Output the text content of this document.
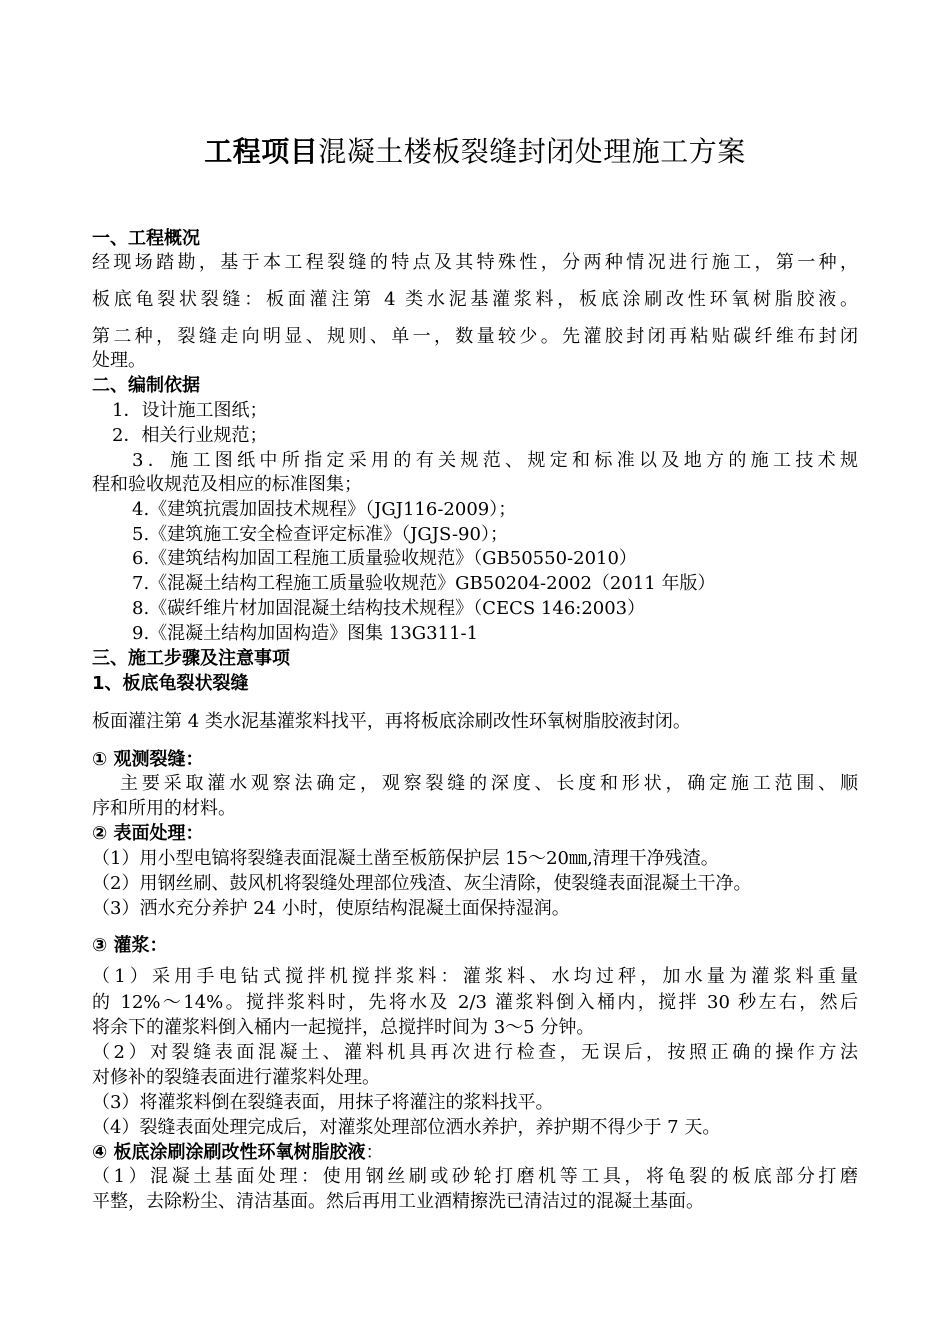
工程项目混凝土楼板裂缝封闭处理施工方案
一、工程概况
经现场踏勘，基于本工程裂缝的特点及其特殊性，分两种情况进行施工，第一种，
板底龟裂状裂缝：板面灌注第 4 类水泥基灌浆料，板底涂刷改性环氧树脂胶液。
第二种，裂缝走向明显、规则、单一，数量较少。先灌胶封闭再粘贴碳纤维布封闭
处理。
二、编制依据
1．设计施工图纸；
2．相关行业规范；
3．施工图纸中所指定采用的有关规范、规定和标准以及地方的施工技术规
程和验收规范及相应的标准图集；
4.《建筑抗震加固技术规程》（JGJ116-2009）；
5.《建筑施工安全检查评定标准》（JGJS-90）；
6.《建筑结构加固工程施工质量验收规范》（GB50550-2010）
7.《混凝土结构工程施工质量验收规范》GB50204-2002（2011 年版）
8.《碳纤维片材加固混凝土结构技术规程》（CECS 146:2003）
9.《混凝土结构加固构造》图集 13G311-1
三、施工步骤及注意事项
1、板底龟裂状裂缝
板面灌注第 4 类水泥基灌浆料找平，再将板底涂刷改性环氧树脂胶液封闭。
① 观测裂缝：
主要采取灌水观察法确定，观察裂缝的深度、长度和形状，确定施工范围、顺
序和所用的材料。
② 表面处理：
（1）用小型电镐将裂缝表面混凝土凿至板筋保护层 15～20㎜,清理干净残渣。
（2）用钢丝刷、鼓风机将裂缝处理部位残渣、灰尘清除，使裂缝表面混凝土干净。
（3）洒水充分养护 24 小时，使原结构混凝土面保持湿润。
③ 灌浆：
（1）采用手电钻式搅拌机搅拌浆料：灌浆料、水均过秤，加水量为灌浆料重量
的 12%～14%。搅拌浆料时，先将水及 2/3 灌浆料倒入桶内，搅拌 30 秒左右，然后
将余下的灌浆料倒入桶内一起搅拌，总搅拌时间为 3～5 分钟。
（2）对裂缝表面混凝土、灌料机具再次进行检查，无误后，按照正确的操作方法
对修补的裂缝表面进行灌浆料处理。
（3）将灌浆料倒在裂缝表面，用抹子将灌注的浆料找平。
（4）裂缝表面处理完成后，对灌浆处理部位洒水养护，养护期不得少于 7 天。
④ 板底涂刷涂刷改性环氧树脂胶液：
（1）混凝土基面处理：使用钢丝刷或砂轮打磨机等工具，将龟裂的板底部分打磨
平整，去除粉尘、清洁基面。然后再用工业酒精擦洗已清洁过的混凝土基面。
